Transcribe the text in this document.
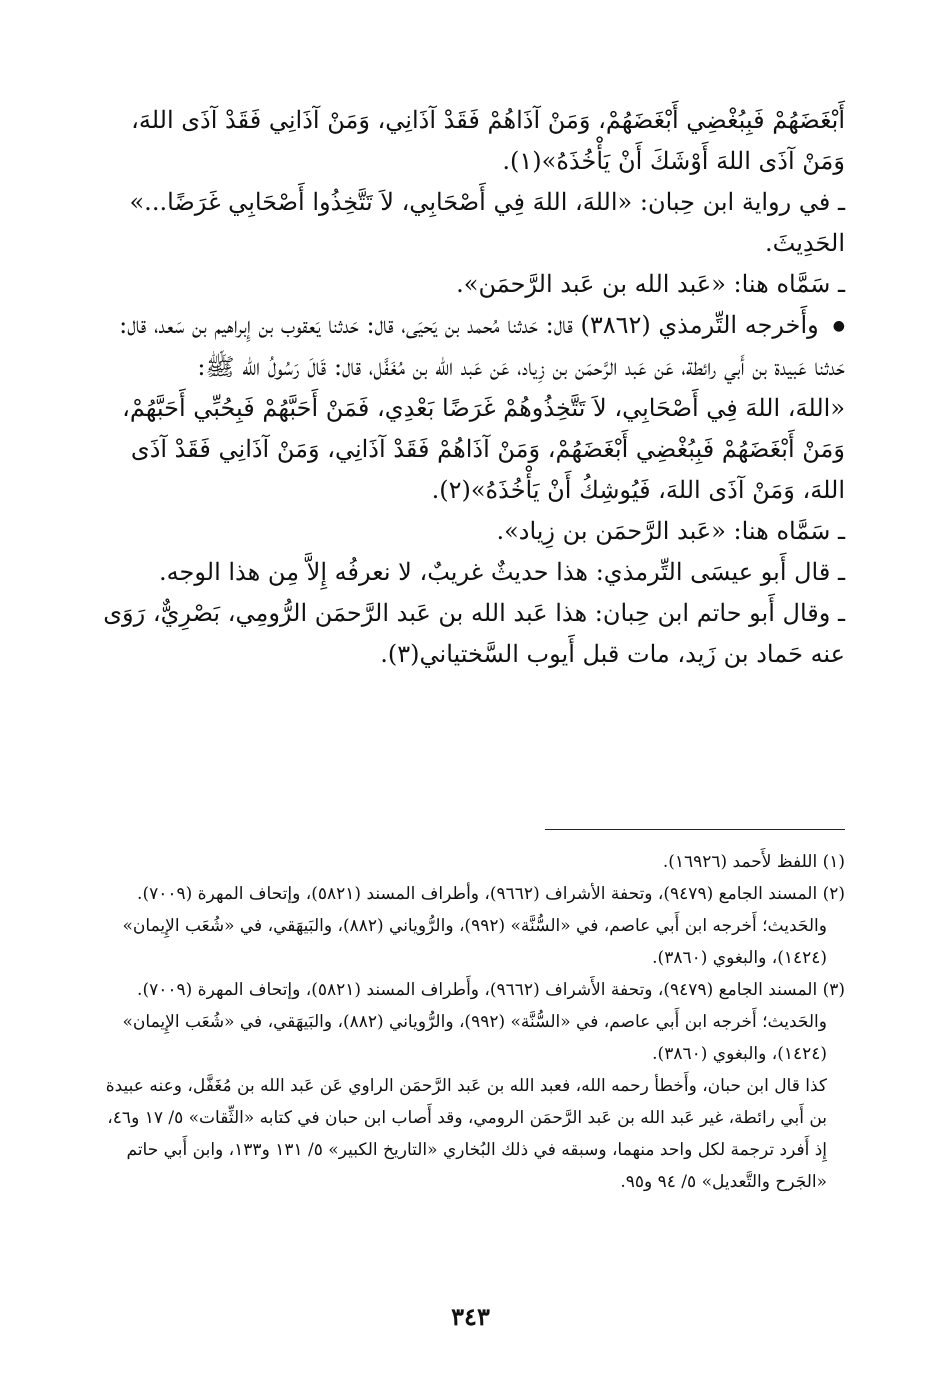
أَبْغَضَهُمْ فَبِبُغْضِي أَبْغَضَهُمْ، وَمَنْ آذَاهُمْ فَقَدْ آذَانِي، وَمَنْ آذَانِي فَقَدْ آذَى اللهَ، وَمَنْ آذَى اللهَ أَوْشَكَ أَنْ يَأْخُذَهُ»(١).

ـ في رواية ابن حِبان: «اللهَ، اللهَ فِي أَصْحَابِي، لاَ تَتَّخِذُوا أَصْحَابِي غَرَضًا...» الحَدِيثَ.

ـ سَمَّاه هنا: «عَبد الله بن عَبد الرَّحمَن».

● وأَخرجه التِّرمذي (٣٨٦٢) قال: حَدثنا مُحمد بن يَحيَى، قال: حَدثنا يَعقوب بن إِبراهيم بن سَعد، قال: حَدثنا عَبيدة بن أَبي رائطة، عَن عَبد الرَّحمَن بن زِياد، عَن عَبد الله بن مُغَفَّل، قال: قَالَ رَسُولُ الله ﷺ:

«اللهَ، اللهَ فِي أَصْحَابِي، لاَ تَتَّخِذُوهُمْ غَرَضًا بَعْدِي، فَمَنْ أَحَبَّهُمْ فَبِحُبِّي أَحَبَّهُمْ، وَمَنْ أَبْغَضَهُمْ فَبِبُغْضِي أَبْغَضَهُمْ، وَمَنْ آذَاهُمْ فَقَدْ آذَانِي، وَمَنْ آذَانِي فَقَدْ آذَى اللهَ، وَمَنْ آذَى اللهَ، فَيُوشِكُ أَنْ يَأْخُذَهُ»(٢).

ـ سَمَّاه هنا: «عَبد الرَّحمَن بن زِياد».

ـ قال أَبو عيسَى التِّرمذي: هذا حديثٌ غريبٌ، لا نعرفُه إِلاَّ مِن هذا الوجه.

ـ وقال أَبو حاتم ابن حِبان: هذا عَبد الله بن عَبد الرَّحمَن الرُّومِي، بَصْرِيٌّ، رَوَى عنه حَماد بن زَيد، مات قبل أَيوب السَّختياني(٣).

(١) اللفظ لأَحمد (١٦٩٢٦).

(٢) المسند الجامع (٩٤٧٩)، وتحفة الأشراف (٩٦٦٢)، وأطراف المسند (٥٨٢١)، وإتحاف المهرة (٧٠٠٩).

والحَديث؛ أَخرجه ابن أَبي عاصم، في «السُّنَّة» (٩٩٢)، والرُّوياني (٨٨٢)، والبَيهَقي، في «شُعَب الإِيمان» (١٤٢٤)، والبغوي (٣٨٦٠).

(٣) المسند الجامع (٩٤٧٩)، وتحفة الأَشراف (٩٦٦٢)، وأَطراف المسند (٥٨٢١)، وإتحاف المهرة (٧٠٠٩).

والحَديث؛ أَخرجه ابن أَبي عاصم، في «السُّنَّة» (٩٩٢)، والرُّوياني (٨٨٢)، والبَيهَقي، في «شُعَب الإِيمان» (١٤٢٤)، والبغوي (٣٨٦٠).

كذا قال ابن حبان، وأَخطأ رحمه الله، فعبد الله بن عَبد الرَّحمَن الراوي عَن عَبد الله بن مُغَفَّل، وعنه عبيدة بن أَبي رائطة، غير عَبد الله بن عَبد الرَّحمَن الرومي، وقد أَصاب ابن حبان في كتابه «الثِّقات» ٥/ ١٧ و٤٦، إِذ أَفرد ترجمة لكل واحد منهما، وسبقه في ذلك البُخاري «التاريخ الكبير» ٥/ ١٣١ و١٣٣، وابن أَبي حاتم «الجَرح والتَّعديل» ٥/ ٩٤ و٩٥.

٣٤٣
